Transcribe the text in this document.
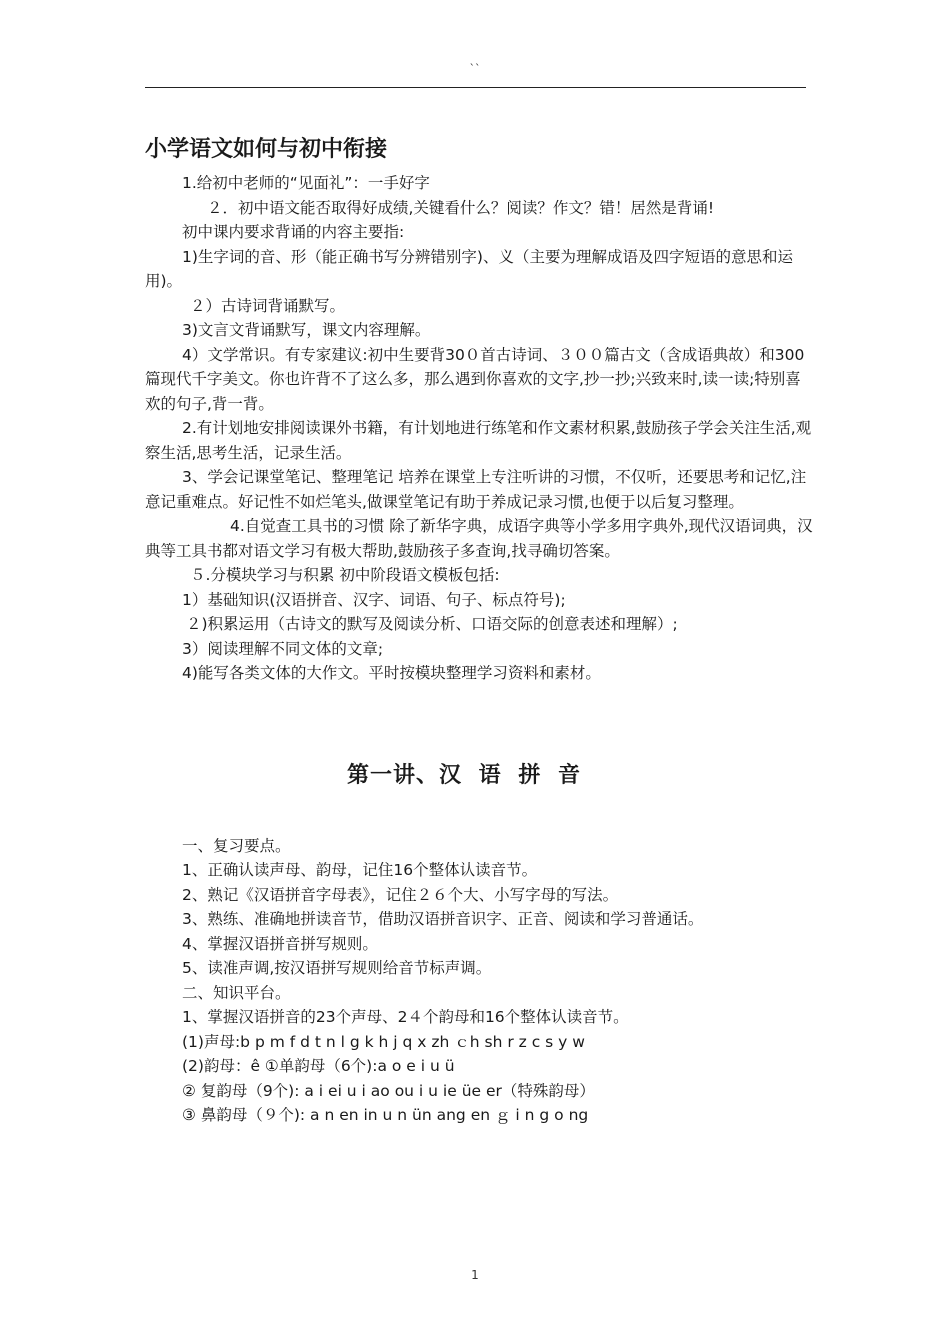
``
小学语文如何与初中衔接

1.给初中老师的“见面礼”：一手好字

２．初中语文能否取得好成绩,关键看什么？阅读？作文？错！居然是背诵!

初中课内要求背诵的内容主要指:

1)生字词的音、形（能正确书写分辨错别字)、义（主要为理解成语及四字短语的意思和运用)。

２）古诗词背诵默写。

3)文言文背诵默写，课文内容理解。

4）文学常识。有专家建议:初中生要背30０首古诗词、３００篇古文（含成语典故）和300篇现代千字美文。你也许背不了这么多，那么遇到你喜欢的文字,抄一抄;兴致来时,读一读;特别喜欢的句子,背一背。

2.有计划地安排阅读课外书籍，有计划地进行练笔和作文素材积累,鼓励孩子学会关注生活,观察生活,思考生活，记录生活。

3、学会记课堂笔记、整理笔记 培养在课堂上专注听讲的习惯，不仅听，还要思考和记忆,注意记重难点。好记性不如烂笔头,做课堂笔记有助于养成记录习惯,也便于以后复习整理。

4.自觉查工具书的习惯 除了新华字典，成语字典等小学多用字典外,现代汉语词典，汉典等工具书都对语文学习有极大帮助,鼓励孩子多查询,找寻确切答案。

５.分模块学习与积累 初中阶段语文模板包括:

1）基础知识(汉语拼音、汉字、词语、句子、标点符号);

２)积累运用（古诗文的默写及阅读分析、口语交际的创意表述和理解）;

3）阅读理解不同文体的文章;

4)能写各类文体的大作文。平时按模块整理学习资料和素材。

第一讲、汉 语 拼 音

一、复习要点。

1、正确认读声母、韵母，记住16个整体认读音节。

2、熟记《汉语拼音字母表》，记住２６个大、小写字母的写法。

3、熟练、准确地拼读音节，借助汉语拼音识字、正音、阅读和学习普通话。

4、掌握汉语拼音拼写规则。

5、读准声调,按汉语拼写规则给音节标声调。

二、知识平台。

1、掌握汉语拼音的23个声母、2４个韵母和16个整体认读音节。

(1)声母:b p m f d t n l g k h j q x zh ｃh sh r z c s y w

(2)韵母：ê ①单韵母（6个):a o e i u ü

② 复韵母（9个): a i ei u i ao ou i u ie üe er（特殊韵母）

③ 鼻韵母（９个): a n en in u n ün ang en ｇ i n g o ng

1
